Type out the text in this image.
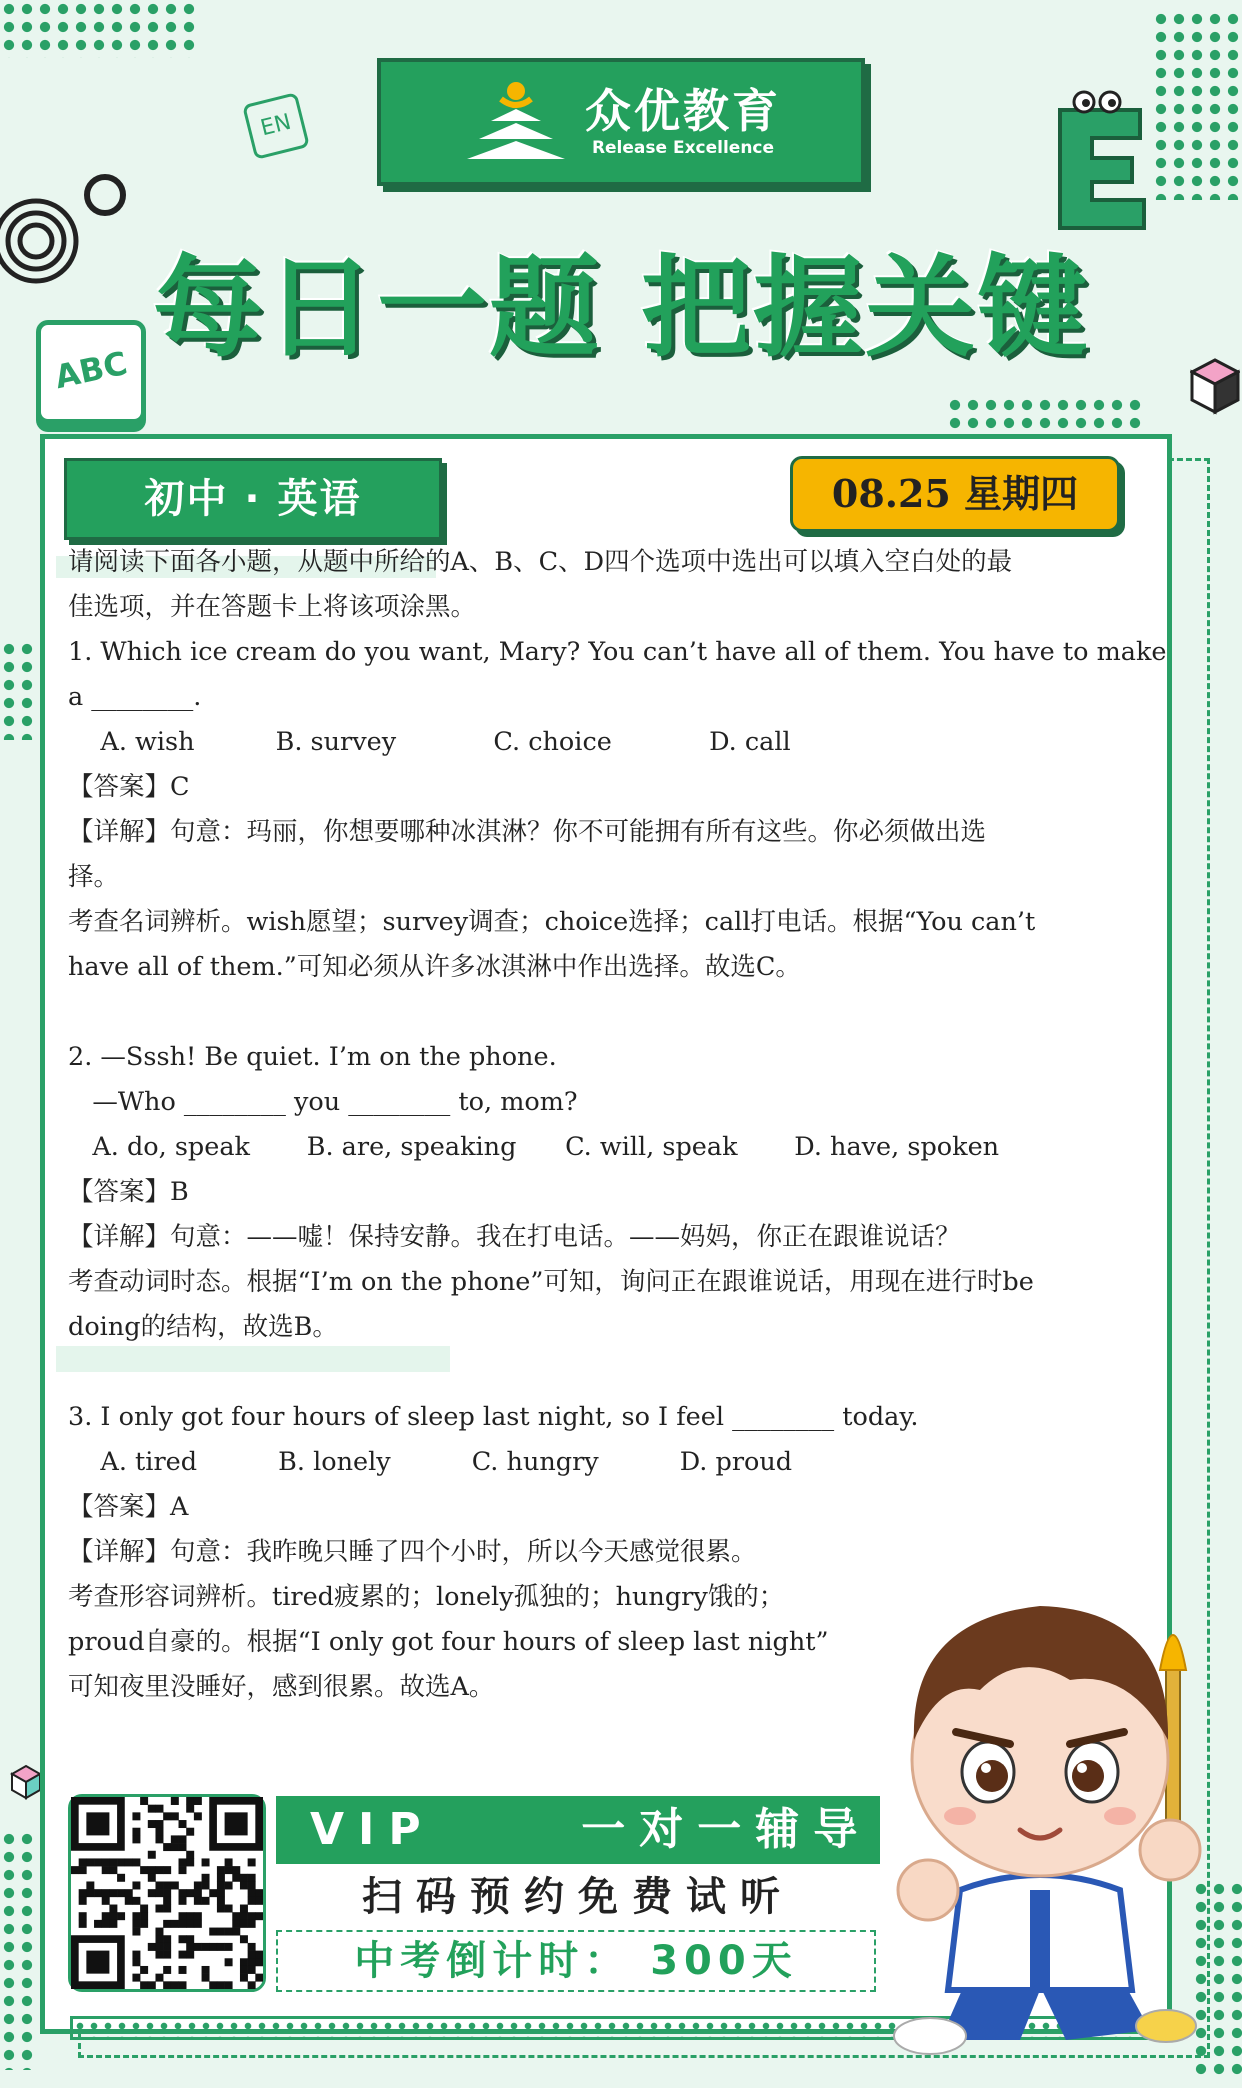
EN
ABC
众优教育
Release Excellence
每日一题 把握关键
初中 · 英语	08.25 星期四
请阅读下面各小题，从题中所给的A、B、C、D四个选项中选出可以填入空白处的最
佳选项，并在答题卡上将该项涂黑。
1. Which ice cream do you want, Mary? You can’t have all of them. You have to make
a ________.
A. wish          B. survey            C. choice            D. call
【答案】C
【详解】句意：玛丽，你想要哪种冰淇淋？你不可能拥有所有这些。你必须做出选
择。
考查名词辨析。wish愿望；survey调查；choice选择；call打电话。根据“You can’t
have all of them.”可知必须从许多冰淇淋中作出选择。故选C。
2. —Sssh! Be quiet. I’m on the phone.
—Who ________ you ________ to, mom?
A. do, speak       B. are, speaking      C. will, speak       D. have, spoken
【答案】B
【详解】句意：——嘘！保持安静。我在打电话。——妈妈，你正在跟谁说话？
考查动词时态。根据“I’m on the phone”可知，询问正在跟谁说话，用现在进行时be
doing的结构，故选B。
3. I only got four hours of sleep last night, so I feel ________ today.
A. tired          B. lonely          C. hungry          D. proud
【答案】A
【详解】句意：我昨晚只睡了四个小时，所以今天感觉很累。
考查形容词辨析。tired疲累的；lonely孤独的；hungry饿的；
proud自豪的。根据“I only got four hours of sleep last night”
可知夜里没睡好，感到很累。故选A。
VIP     一对一辅导
扫码预约免费试听
中考倒计时： 300天
